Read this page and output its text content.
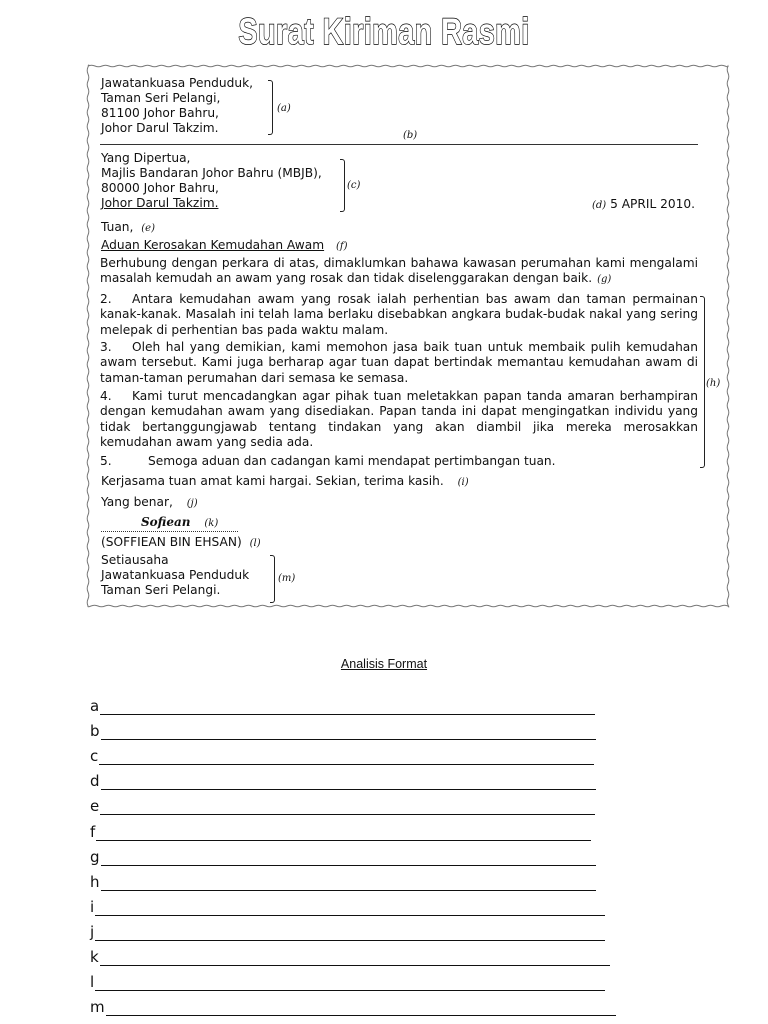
Surat Kiriman Rasmi
Jawatankuasa Penduduk,
Taman Seri Pelangi,
81100 Johor Bahru,
Johor Darul Takzim.
(a)
(b)
Yang Dipertua,
Majlis Bandaran Johor Bahru (MBJB),
80000 Johor Bahru,
Johor Darul Takzim.
(c)
(d) 5 APRIL 2010.
Tuan, (e)
Aduan Kerosakan Kemudahan Awam (f)
Berhubung dengan perkara di atas, dimaklumkan bahawa kawasan perumahan kami mengalami masalah kemudah an awam yang rosak dan tidak diselenggarakan dengan baik. (g)
2. Antara kemudahan awam yang rosak ialah perhentian bas awam dan taman permainan kanak-kanak. Masalah ini telah lama berlaku disebabkan angkara budak-budak nakal yang sering melepak di perhentian bas pada waktu malam.
3. Oleh hal yang demikian, kami memohon jasa baik tuan untuk membaik pulih kemudahan awam tersebut. Kami juga berharap agar tuan dapat bertindak memantau kemudahan awam di taman-taman perumahan dari semasa ke semasa.
4. Kami turut mencadangkan agar pihak tuan meletakkan papan tanda amaran berhampiran dengan kemudahan awam yang disediakan. Papan tanda ini dapat mengingatkan individu yang tidak bertanggungjawab tentang tindakan yang akan diambil jika mereka merosakkan kemudahan awam yang sedia ada.
5.	Semoga aduan dan cadangan kami mendapat pertimbangan tuan.
(h)
Kerjasama tuan amat kami hargai. Sekian, terima kasih. (i)
Yang benar, (j)
Sofiean (k)
(SOFFIEAN BIN EHSAN) (l)
Setiausaha
Jawatankuasa Penduduk
Taman Seri Pelangi.
(m)
Analisis Format
a
b
c
d
e
f
g
h
i
j
k
l
m
